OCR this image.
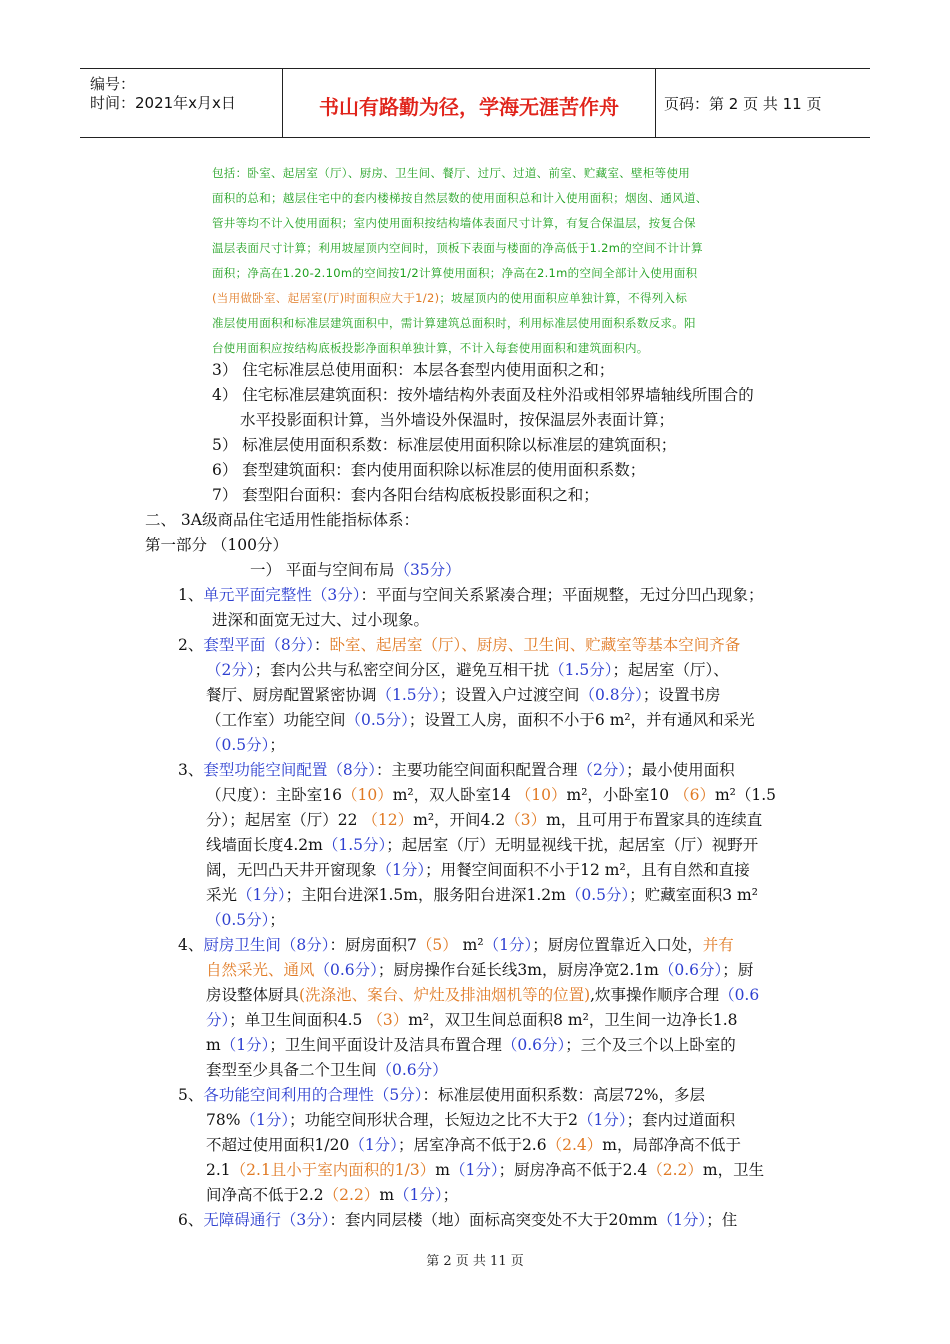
编号：
时间：2021年x月x日	书山有路勤为径，学海无涯苦作舟	页码：第 2 页 共 11 页
包括：卧室、起居室（厅）、厨房、卫生间、餐厅、过厅、过道、前室、贮藏室、壁柜等使用
面积的总和；越层住宅中的套内楼梯按自然层数的使用面积总和计入使用面积；烟囱、通风道、
管井等均不计入使用面积；室内使用面积按结构墙体表面尺寸计算，有复合保温层，按复合保
温层表面尺寸计算；利用坡屋顶内空间时，顶板下表面与楼面的净高低于1.2m的空间不计计算
面积；净高在1.20-2.10m的空间按1/2计算使用面积；净高在2.1m的空间全部计入使用面积
(当用做卧室、起居室(厅)时面积应大于1/2)；坡屋顶内的使用面积应单独计算，不得列入标
准层使用面积和标准层建筑面积中，需计算建筑总面积时，利用标准层使用面积系数反求。阳
台使用面积应按结构底板投影净面积单独计算，不计入每套使用面积和建筑面积内。
3） 住宅标准层总使用面积：本层各套型内使用面积之和；
4） 住宅标准层建筑面积：按外墙结构外表面及柱外沿或相邻界墙轴线所围合的
水平投影面积计算，当外墙设外保温时，按保温层外表面计算；
5） 标准层使用面积系数：标准层使用面积除以标准层的建筑面积；
6） 套型建筑面积：套内使用面积除以标准层的使用面积系数；
7） 套型阳台面积：套内各阳台结构底板投影面积之和；
二、 3A级商品住宅适用性能指标体系：
第一部分 （100分）
一） 平面与空间布局（35分）
1、单元平面完整性（3分）：平面与空间关系紧凑合理；平面规整，无过分凹凸现象；
进深和面宽无过大、过小现象。
2、套型平面（8分）：卧室、起居室（厅）、厨房、卫生间、贮藏室等基本空间齐备
（2分）；套内公共与私密空间分区，避免互相干扰（1.5分）；起居室（厅）、
餐厅、厨房配置紧密协调（1.5分）；设置入户过渡空间（0.8分）；设置书房
（工作室）功能空间（0.5分）；设置工人房，面积不小于6 m²，并有通风和采光
（0.5分）；
3、套型功能空间配置（8分）：主要功能空间面积配置合理（2分）；最小使用面积
（尺度）：主卧室16（10）m²，双人卧室14 （10）m²，小卧室10 （6）m²（1.5
分）；起居室（厅）22 （12）m²，开间4.2（3）m，且可用于布置家具的连续直
线墙面长度4.2m（1.5分）；起居室（厅）无明显视线干扰，起居室（厅）视野开
阔，无凹凸天井开窗现象（1分）；用餐空间面积不小于12 m²，且有自然和直接
采光（1分）；主阳台进深1.5m，服务阳台进深1.2m（0.5分）；贮藏室面积3 m²
（0.5分）；
4、厨房卫生间（8分）：厨房面积7（5） m²（1分）；厨房位置靠近入口处，并有
自然采光、通风（0.6分）；厨房操作台延长线3m，厨房净宽2.1m（0.6分）；厨
房设整体厨具(洗涤池、案台、炉灶及排油烟机等的位置),炊事操作顺序合理（0.6
分）；单卫生间面积4.5 （3）m²，双卫生间总面积8 m²，卫生间一边净长1.8
m（1分）；卫生间平面设计及洁具布置合理（0.6分）；三个及三个以上卧室的
套型至少具备二个卫生间（0.6分）
5、各功能空间利用的合理性（5分）：标准层使用面积系数：高层72%，多层
78%（1分）；功能空间形状合理，长短边之比不大于2（1分）；套内过道面积
不超过使用面积1/20（1分）；居室净高不低于2.6（2.4）m，局部净高不低于
2.1（2.1且小于室内面积的1/3）m（1分）；厨房净高不低于2.4（2.2）m，卫生
间净高不低于2.2（2.2）m（1分）；
6、无障碍通行（3分）：套内同层楼（地）面标高突变处不大于20mm（1分）；住
第 2 页 共 11 页
